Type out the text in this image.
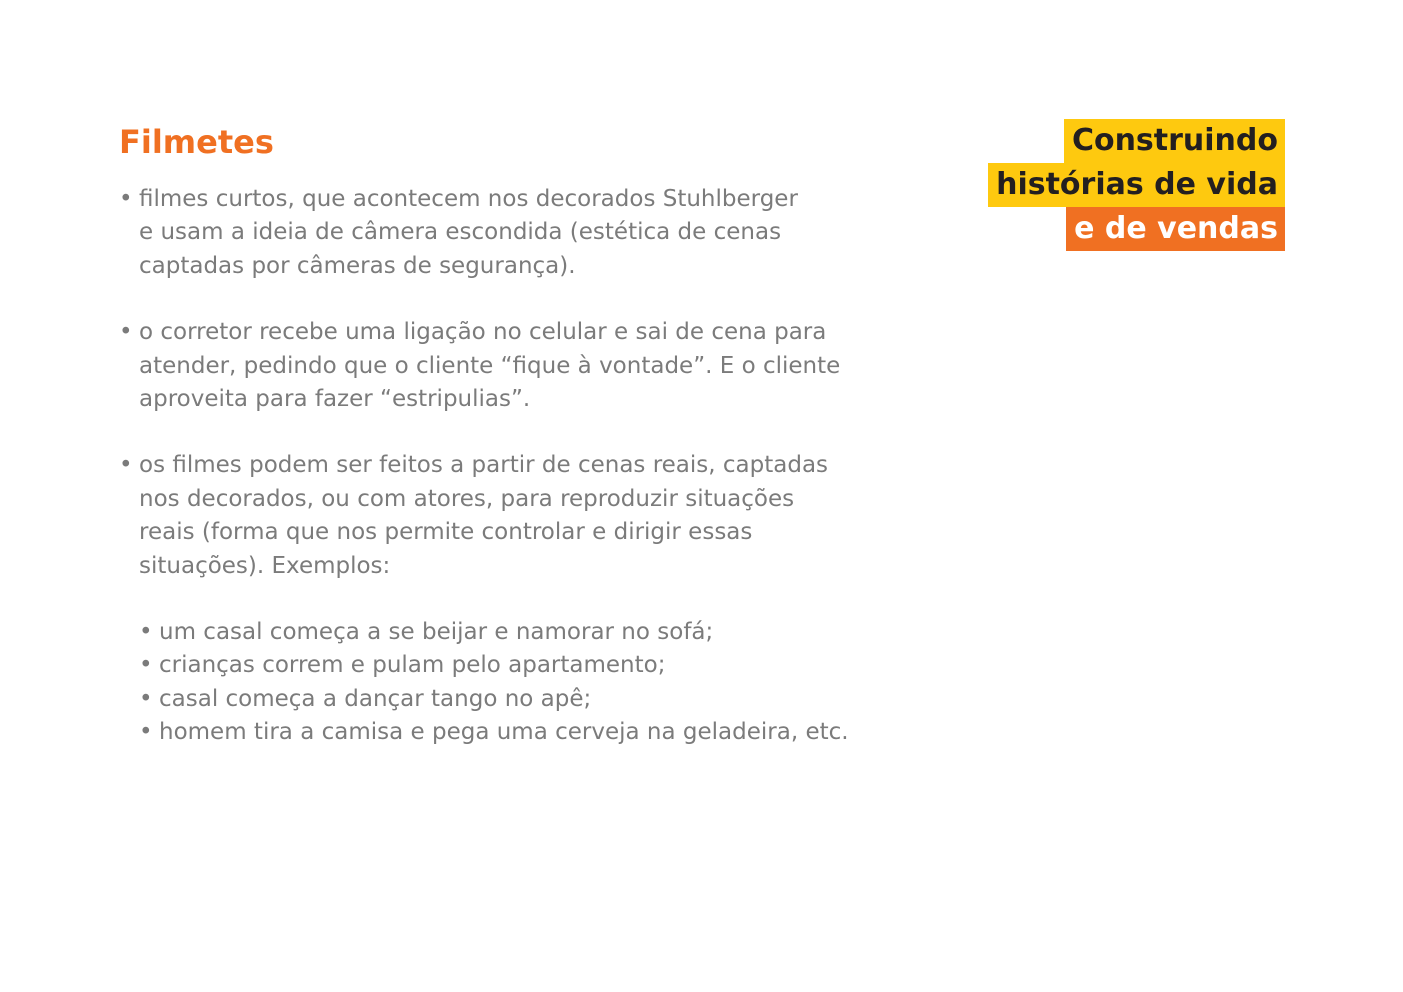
Filmetes	Construindo
histórias de vida
e de vendas
• filmes curtos, que acontecem nos decorados Stuhlberger
e usam a ideia de câmera escondida (estética de cenas
captadas por câmeras de segurança).
• o corretor recebe uma ligação no celular e sai de cena para
atender, pedindo que o cliente “fique à vontade”. E o cliente
aproveita para fazer “estripulias”.
• os filmes podem ser feitos a partir de cenas reais, captadas
nos decorados, ou com atores, para reproduzir situações
reais (forma que nos permite controlar e dirigir essas
situações). Exemplos:
• um casal começa a se beijar e namorar no sofá;
• crianças correm e pulam pelo apartamento;
• casal começa a dançar tango no apê;
• homem tira a camisa e pega uma cerveja na geladeira, etc.
